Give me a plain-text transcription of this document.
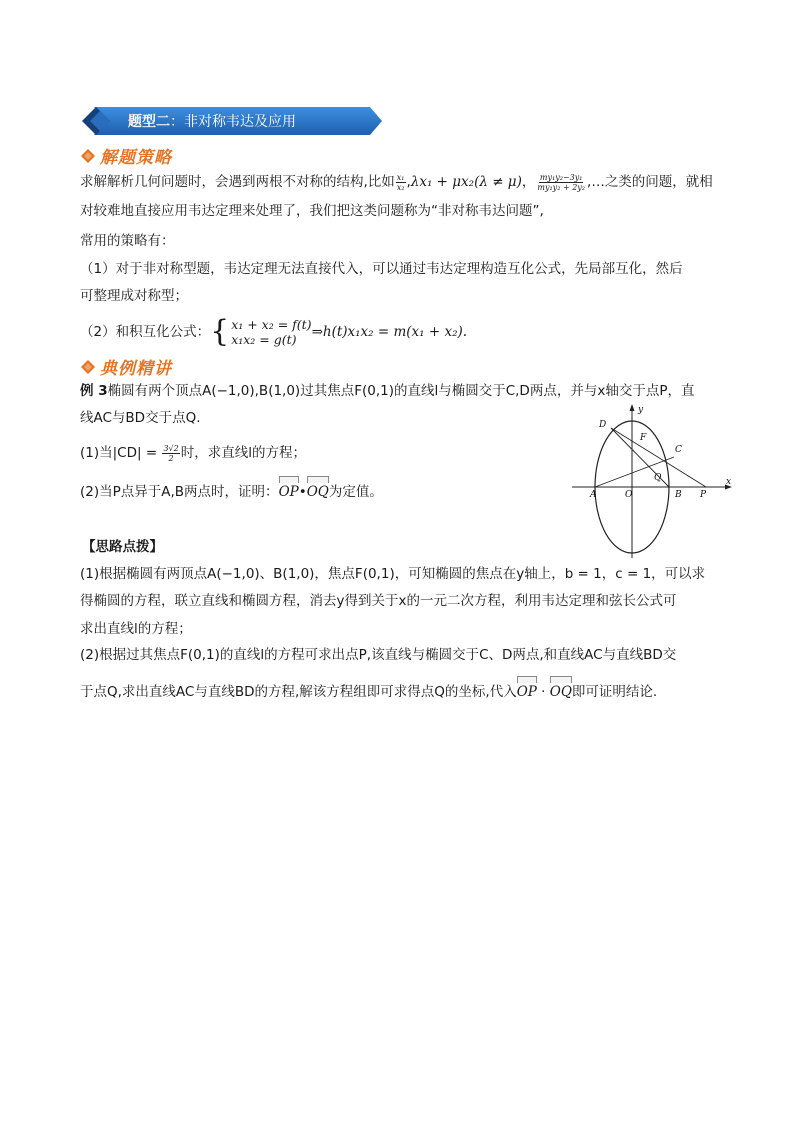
题型二：非对称韦达及应用
解题策略
求解解析几何问题时，会遇到两根不对称的结构,比如 $\frac{\text{x₁}}{\text{x₂}} ,\lambda x_1 + \mu x_2(\lambda \ne \mu)$， $\frac{\text{my₁y₂−3y₁}}{\text{my₁y₂ + 2y₂}}$ ,…之类的问题，就相
对较难地直接应用韦达定理来处理了，我们把这类问题称为“非对称韦达问题”,
常用的策略有：
（1）对于非对称型题，韦达定理无法直接代入，可以通过韦达定理构造互化公式，先局部互化，然后
可整理成对称型；
（2）和积互化公式： { x₁ + x₂ = f(t)
x₁x₂ = g(t)	⇒h(t)x₁x₂ = m(x₁ + x₂).
典例精讲
例 3椭圆有两个顶点A(−1,0),B(1,0)过其焦点F(0,1)的直线l与椭圆交于C,D两点，并与x轴交于点P，直
线AC与BD交于点Q.
(1)当$|CD| = \frac{3√2}{2}$ 时，求直线l的方程；
(2)当P点异于A,B两点时，证明：OP•OQ为定值。
y
x
D
F
C
Q
A	O	B P
【思路点拨】
(1)根据椭圆有两顶点A(−1,0)、B(1,0)，焦点F(0,1)，可知椭圆的焦点在y轴上，b = 1，c = 1，可以求
得椭圆的方程，联立直线和椭圆方程，消去y得到关于x的一元二次方程，利用韦达定理和弦长公式可
求出直线l的方程；
(2)根据过其焦点F(0,1)的直线l的方程可求出点P,该直线与椭圆交于C、D两点,和直线AC与直线BD交
于点Q,求出直线AC与直线BD的方程,解该方程组即可求得点Q的坐标,代入OP · OQ即可证明结论.
